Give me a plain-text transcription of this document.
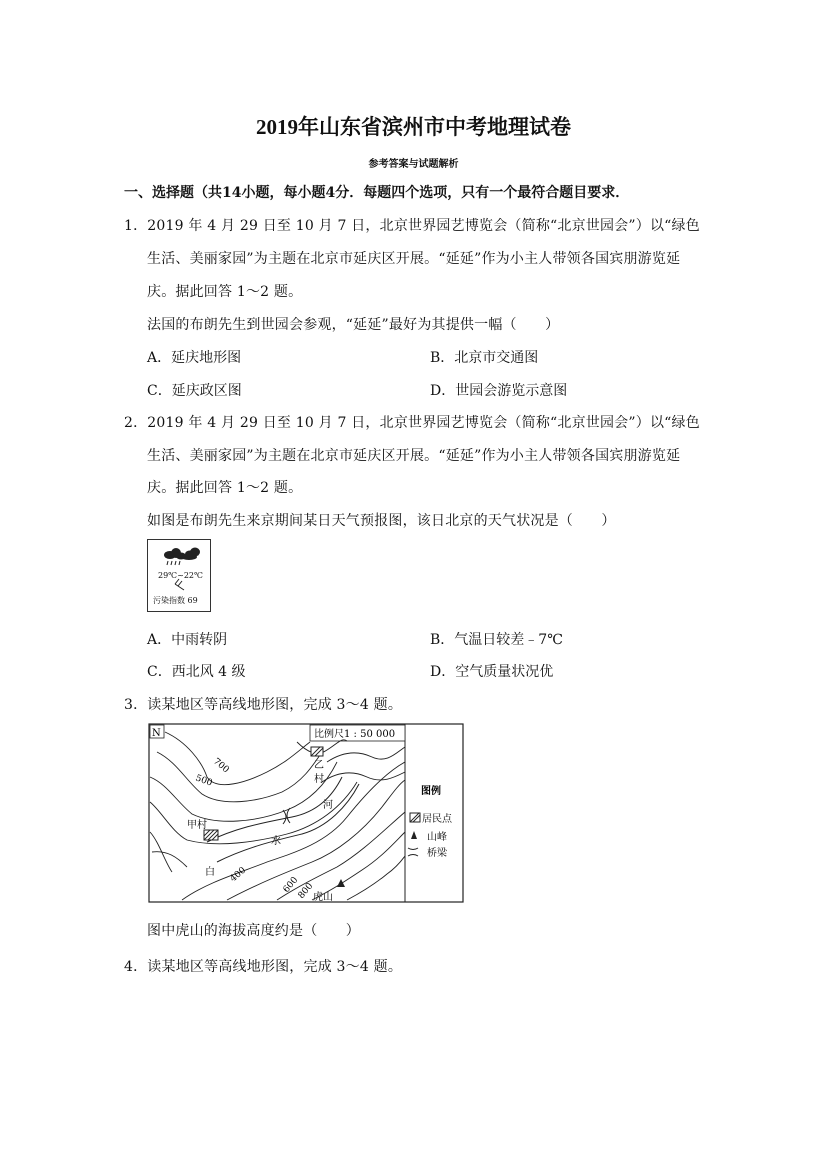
2019年山东省滨州市中考地理试卷
参考答案与试题解析
一、选择题（共14小题，每小题4分．每题四个选项，只有一个最符合题目要求．
1．2019 年 4 月 29 日至 10 月 7 日，北京世界园艺博览会（简称“北京世园会”）以“绿色
生活、美丽家园”为主题在北京市延庆区开展。“延延”作为小主人带领各国宾朋游览延
庆。据此回答 1～2 题。
法国的布朗先生到世园会参观，“延延”最好为其提供一幅（　　）
A．延庆地形图	B．北京市交通图
C．延庆政区图	D．世园会游览示意图
2．2019 年 4 月 29 日至 10 月 7 日，北京世界园艺博览会（简称“北京世园会”）以“绿色
生活、美丽家园”为主题在北京市延庆区开展。“延延”作为小主人带领各国宾朋游览延
庆。据此回答 1～2 题。
如图是布朗先生来京期间某日天气预报图，该日北京的天气状况是（　　）
29℃~22℃
污染指数 69
A．中雨转阴	B．气温日较差﹣7℃
C．西北风 4 级	D．空气质量状况优
3．读某地区等高线地形图，完成 3～4 题。
N	比例尺1 : 50 000
图例
居民点
山峰
桥梁
甲村
乙
村
河
水
白
虎山
700
500
400
600
800
图中虎山的海拔高度约是（　　）
4．读某地区等高线地形图，完成 3～4 题。
